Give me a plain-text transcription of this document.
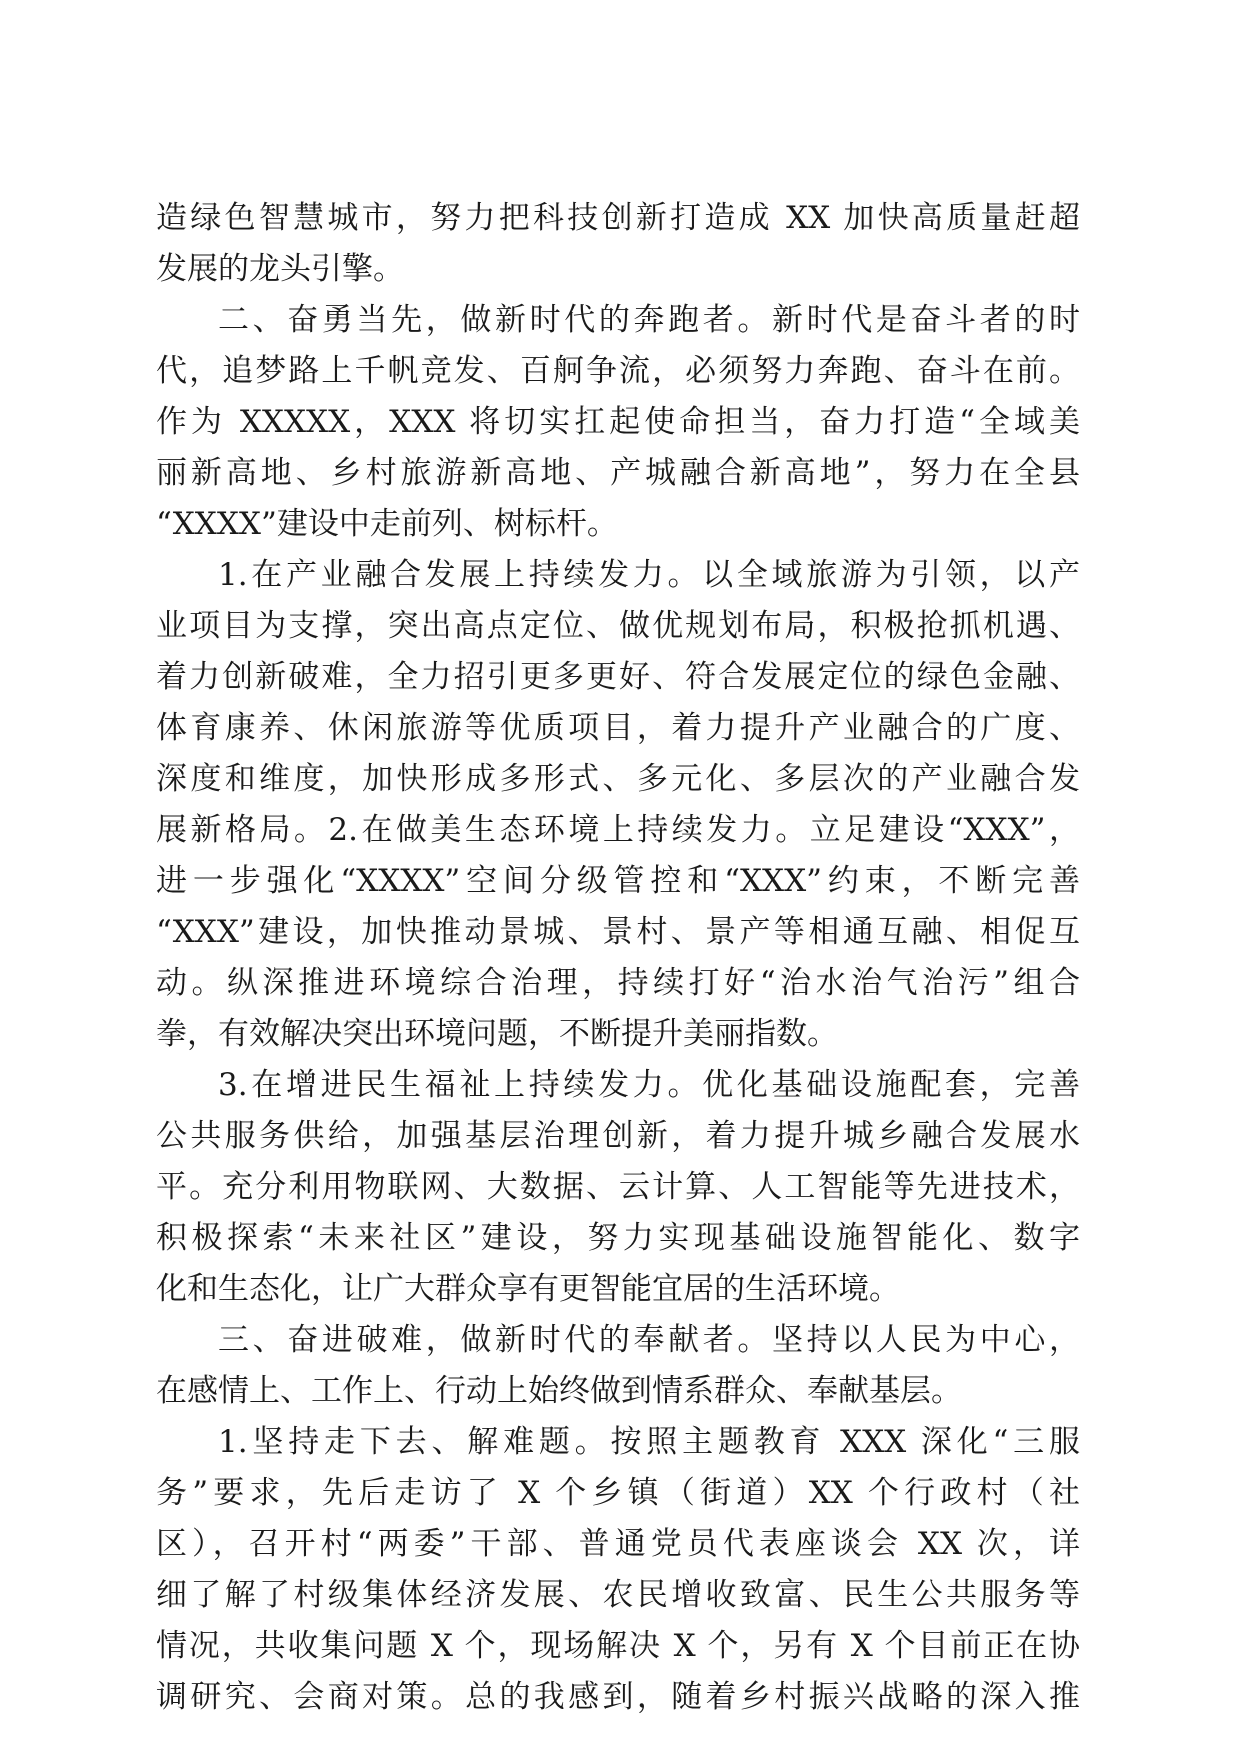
造绿色智慧城市，努力把科技创新打造成 XX 加快高质量赶超
发展的龙头引擎。
二、奋勇当先，做新时代的奔跑者。新时代是奋斗者的时
代，追梦路上千帆竞发、百舸争流，必须努力奔跑、奋斗在前。
作为 XXXXX，XXX 将切实扛起使命担当，奋力打造“全域美
丽新高地、乡村旅游新高地、产城融合新高地”，努力在全县
“XXXX”建设中走前列、树标杆。
1.在产业融合发展上持续发力。以全域旅游为引领，以产
业项目为支撑，突出高点定位、做优规划布局，积极抢抓机遇、
着力创新破难，全力招引更多更好、符合发展定位的绿色金融、
体育康养、休闲旅游等优质项目，着力提升产业融合的广度、
深度和维度，加快形成多形式、多元化、多层次的产业融合发
展新格局。2.在做美生态环境上持续发力。立足建设“XXX”，
进一步强化“XXXX”空间分级管控和“XXX”约束，不断完善
“XXX”建设，加快推动景城、景村、景产等相通互融、相促互
动。纵深推进环境综合治理，持续打好“治水治气治污”组合
拳，有效解决突出环境问题，不断提升美丽指数。
3.在增进民生福祉上持续发力。优化基础设施配套，完善
公共服务供给，加强基层治理创新，着力提升城乡融合发展水
平。充分利用物联网、大数据、云计算、人工智能等先进技术，
积极探索“未来社区”建设，努力实现基础设施智能化、数字
化和生态化，让广大群众享有更智能宜居的生活环境。
三、奋进破难，做新时代的奉献者。坚持以人民为中心，
在感情上、工作上、行动上始终做到情系群众、奉献基层。
1.坚持走下去、解难题。按照主题教育 XXX 深化“三服
务”要求，先后走访了 X 个乡镇（街道）XX 个行政村（社
区），召开村“两委”干部、普通党员代表座谈会 XX 次，详
细了解了村级集体经济发展、农民增收致富、民生公共服务等
情况，共收集问题 X 个，现场解决 X 个，另有 X 个目前正在协
调研究、会商对策。总的我感到，随着乡村振兴战略的深入推
